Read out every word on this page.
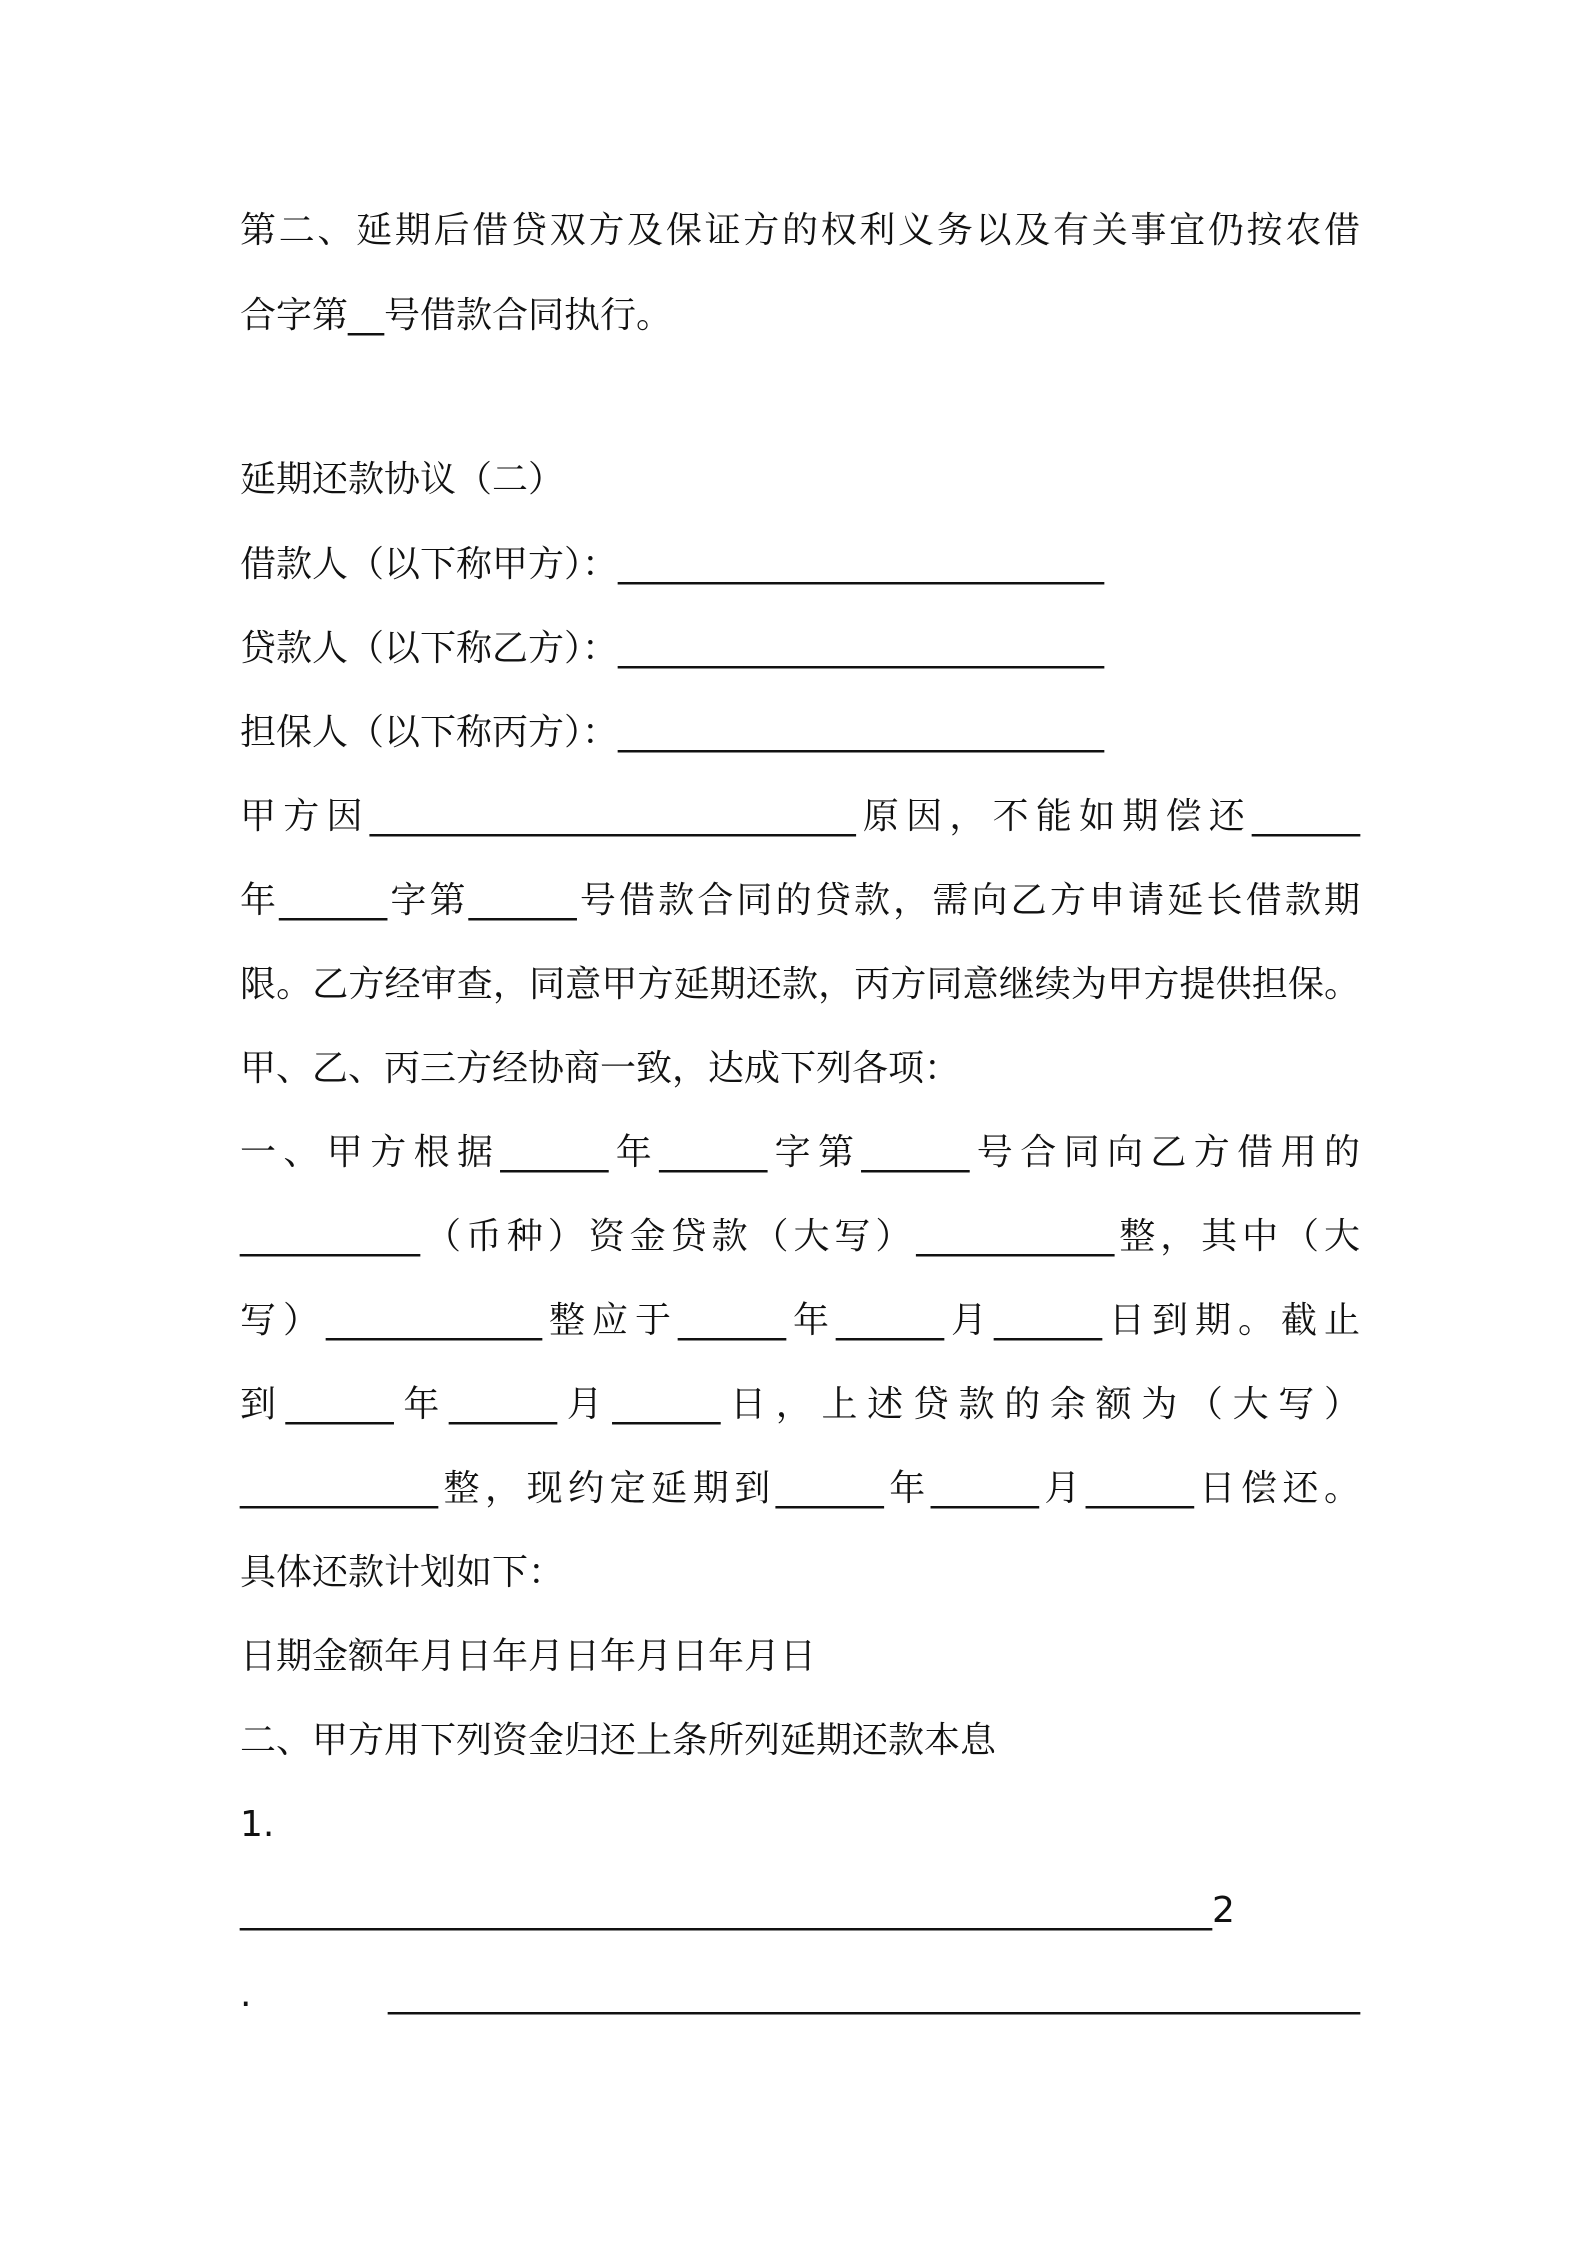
第二、延期后借贷双方及保证方的权利义务以及有关事宜仍按农借

合字第__号借款合同执行。

延期还款协议（二）

借款人（以下称甲方）：___________________________

贷款人（以下称乙方）：___________________________

担保人（以下称丙方）：___________________________

甲方因___________________________原因，不能如期偿还______

年______字第______号借款合同的贷款，需向乙方申请延长借款期

限。乙方经审查，同意甲方延期还款，丙方同意继续为甲方提供担保。

甲、乙、丙三方经协商一致，达成下列各项：

一、甲方根据______年______字第______号合同向乙方借用的

__________（币种）资金贷款（大写）___________整，其中（大

写）____________整应于______年______月______日到期。截止

到______年______月______日，上述贷款的余额为（大写）

___________整，现约定延期到______年______月______日偿还。

具体还款计划如下：

日期金额年月日年月日年月日年月日

二、甲方用下列资金归还上条所列延期还款本息

1.

______________________________________________________2

.   ______________________________________________________
